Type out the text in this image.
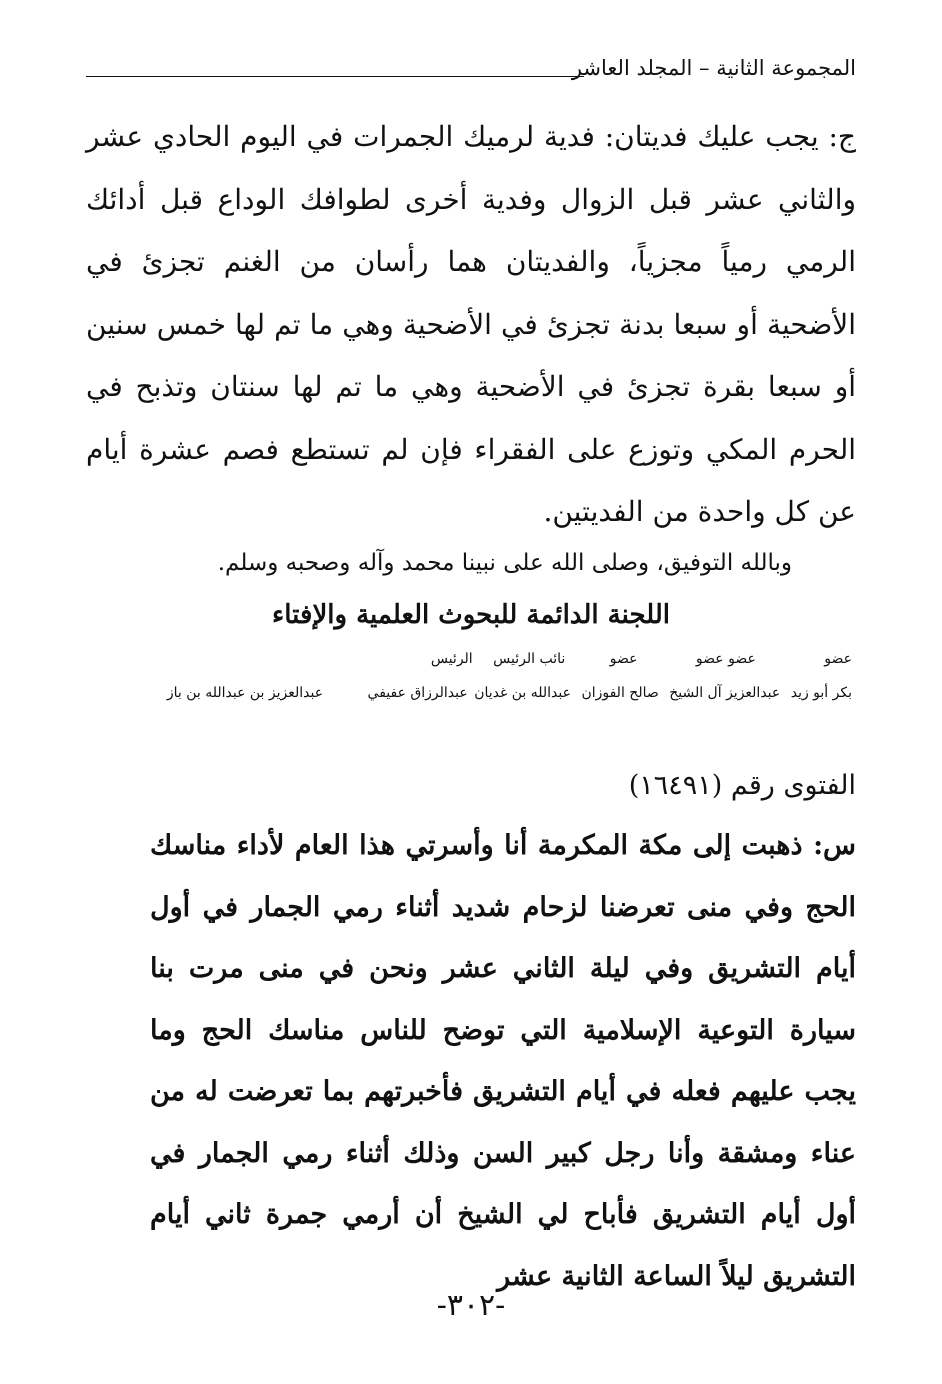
المجموعة الثانية – المجلد العاشر

ج: يجب عليك فديتان: فدية لرميك الجمرات في اليوم الحادي عشر والثاني عشر قبل الزوال وفدية أخرى لطوافك الوداع قبل أدائك الرمي رمياً مجزياً، والفديتان هما رأسان من الغنم تجزئ في الأضحية أو سبعا بدنة تجزئ في الأضحية وهي ما تم لها خمس سنين أو سبعا بقرة تجزئ في الأضحية وهي ما تم لها سنتان وتذبح في الحرم المكي وتوزع على الفقراء فإن لم تستطع فصم عشرة أيام عن كل واحدة من الفديتين.

وبالله التوفيق، وصلى الله على نبينا محمد وآله وصحبه وسلم.
اللجنة الدائمة للبحوث العلمية والإفتاء
عضو عضو عضو عضو نائب الرئيس الرئيس
بكر أبو زيد عبدالعزيز آل الشيخ صالح الفوزان عبدالله بن غديان عبدالرزاق عفيفي عبدالعزيز بن عبدالله بن باز
الفتوى رقم (١٦٤٩١)

س: ذهبت إلى مكة المكرمة أنا وأسرتي هذا العام لأداء مناسك الحج وفي منى تعرضنا لزحام شديد أثناء رمي الجمار في أول أيام التشريق وفي ليلة الثاني عشر ونحن في منى مرت بنا سيارة التوعية الإسلامية التي توضح للناس مناسك الحج وما يجب عليهم فعله في أيام التشريق فأخبرتهم بما تعرضت له من عناء ومشقة وأنا رجل كبير السن وذلك أثناء رمي الجمار في أول أيام التشريق فأباح لي الشيخ أن أرمي جمرة ثاني أيام التشريق ليلاً الساعة الثانية عشر

-٣٠٢-
